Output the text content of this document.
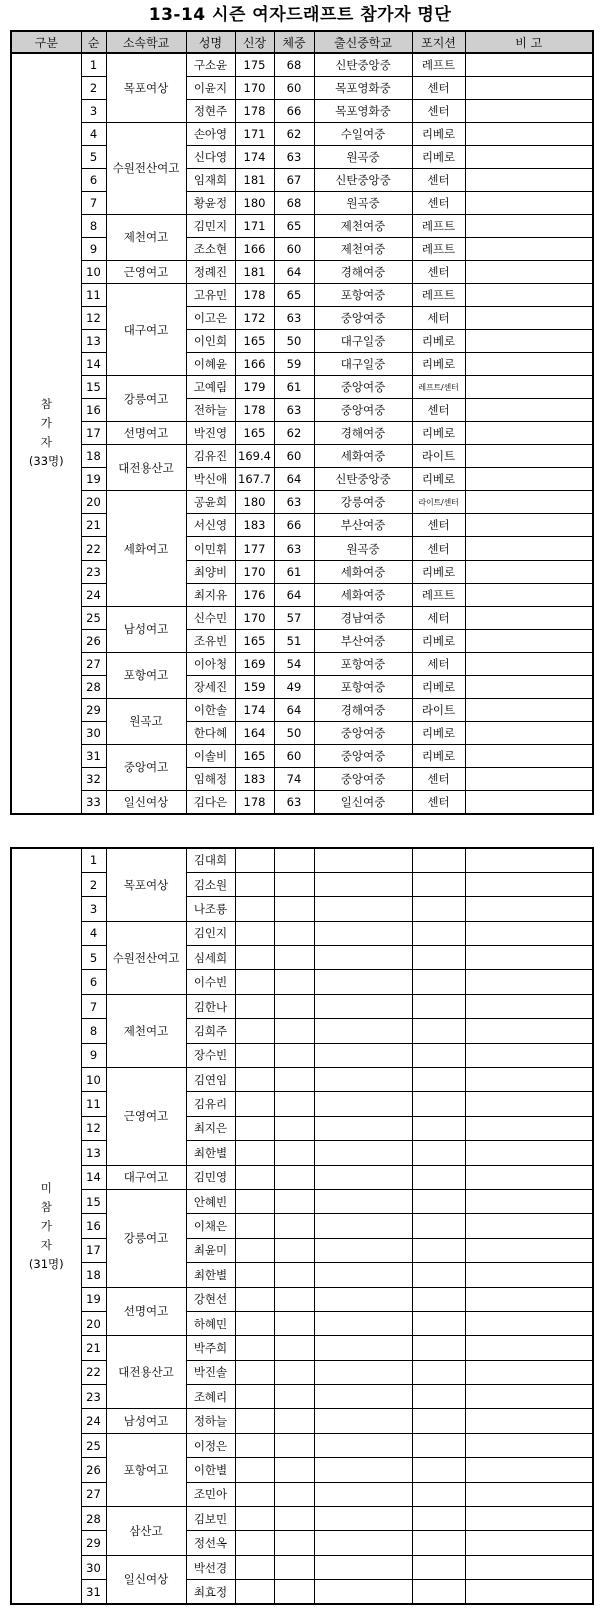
13-14 시즌 여자드래프트 참가자 명단
구분	순	소속학교	성명	신장	체중	출신중학교	포지션	비 고
참
가
자
(33명)	1	목포여상	구소윤	175	68	신탄중앙중	레프트	
	2		이윤지	170	60	목포영화중	센터	
	3		정현주	178	66	목포영화중	센터	
	4	수원전산여고	손아영	171	62	수일여중	리베로	
	5		신다영	174	63	원곡중	리베로	
	6		임재희	181	67	신탄중앙중	센터	
	7		황윤정	180	68	원곡중	센터	
	8	제천여고	김민지	171	65	제천여중	레프트	
	9		조소현	166	60	제천여중	레프트	
	10	근영여고	정례진	181	64	경해여중	센터	
	11	대구여고	고유민	178	65	포항여중	레프트	
	12		이고은	172	63	중앙여중	세터	
	13		이인희	165	50	대구일중	리베로	
	14		이혜윤	166	59	대구일중	리베로	
	15	강릉여고	고예림	179	61	중앙여중	레프트/센터	
	16		전하늘	178	63	중앙여중	센터	
	17	선명여고	박진영	165	62	경해여중	리베로	
	18	대전용산고	김유진	169.4	60	세화여중	라이트	
	19		박신애	167.7	64	신탄중앙중	리베로	
	20	세화여고	공윤희	180	63	강릉여중	라이트/센터	
	21		서신영	183	66	부산여중	센터	
	22		이민휘	177	63	원곡중	센터	
	23		최양비	170	61	세화여중	리베로	
	24		최지유	176	64	세화여중	레프트	
	25	남성여고	신수민	170	57	경남여중	세터	
	26		조유빈	165	51	부산여중	리베로	
	27	포항여고	이아청	169	54	포항여중	세터	
	28		장세진	159	49	포항여중	리베로	
	29	원곡고	이한솔	174	64	경해여중	라이트	
	30		한다혜	164	50	중앙여중	리베로	
	31	중앙여고	이솔비	165	60	중앙여중	리베로	
	32		임해정	183	74	중앙여중	센터	
	33	일신여상	김다은	178	63	일신여중	센터	
미
참
가
자
(31명)	1	목포여상	김대희					
	2		김소원					
	3		나조룡					
	4	수원전산여고	김인지					
	5		심세희					
	6		이수빈					
	7	제천여고	김한나					
	8		김희주					
	9		장수빈					
	10	근영여고	김연임					
	11		김유리					
	12		최지은					
	13		최한별					
	14	대구여고	김민영					
	15	강릉여고	안혜빈					
	16		이채은					
	17		최윤미					
	18		최한별					
	19	선명여고	강현선					
	20		하혜민					
	21	대전용산고	박주희					
	22		박진솔					
	23		조혜리					
	24	남성여고	정하늘					
	25	포항여고	이정은					
	26		이한별					
	27		조민아					
	28	삼산고	김보민					
	29		정선옥					
	30	일신여상	박선경					
	31		최효정					
